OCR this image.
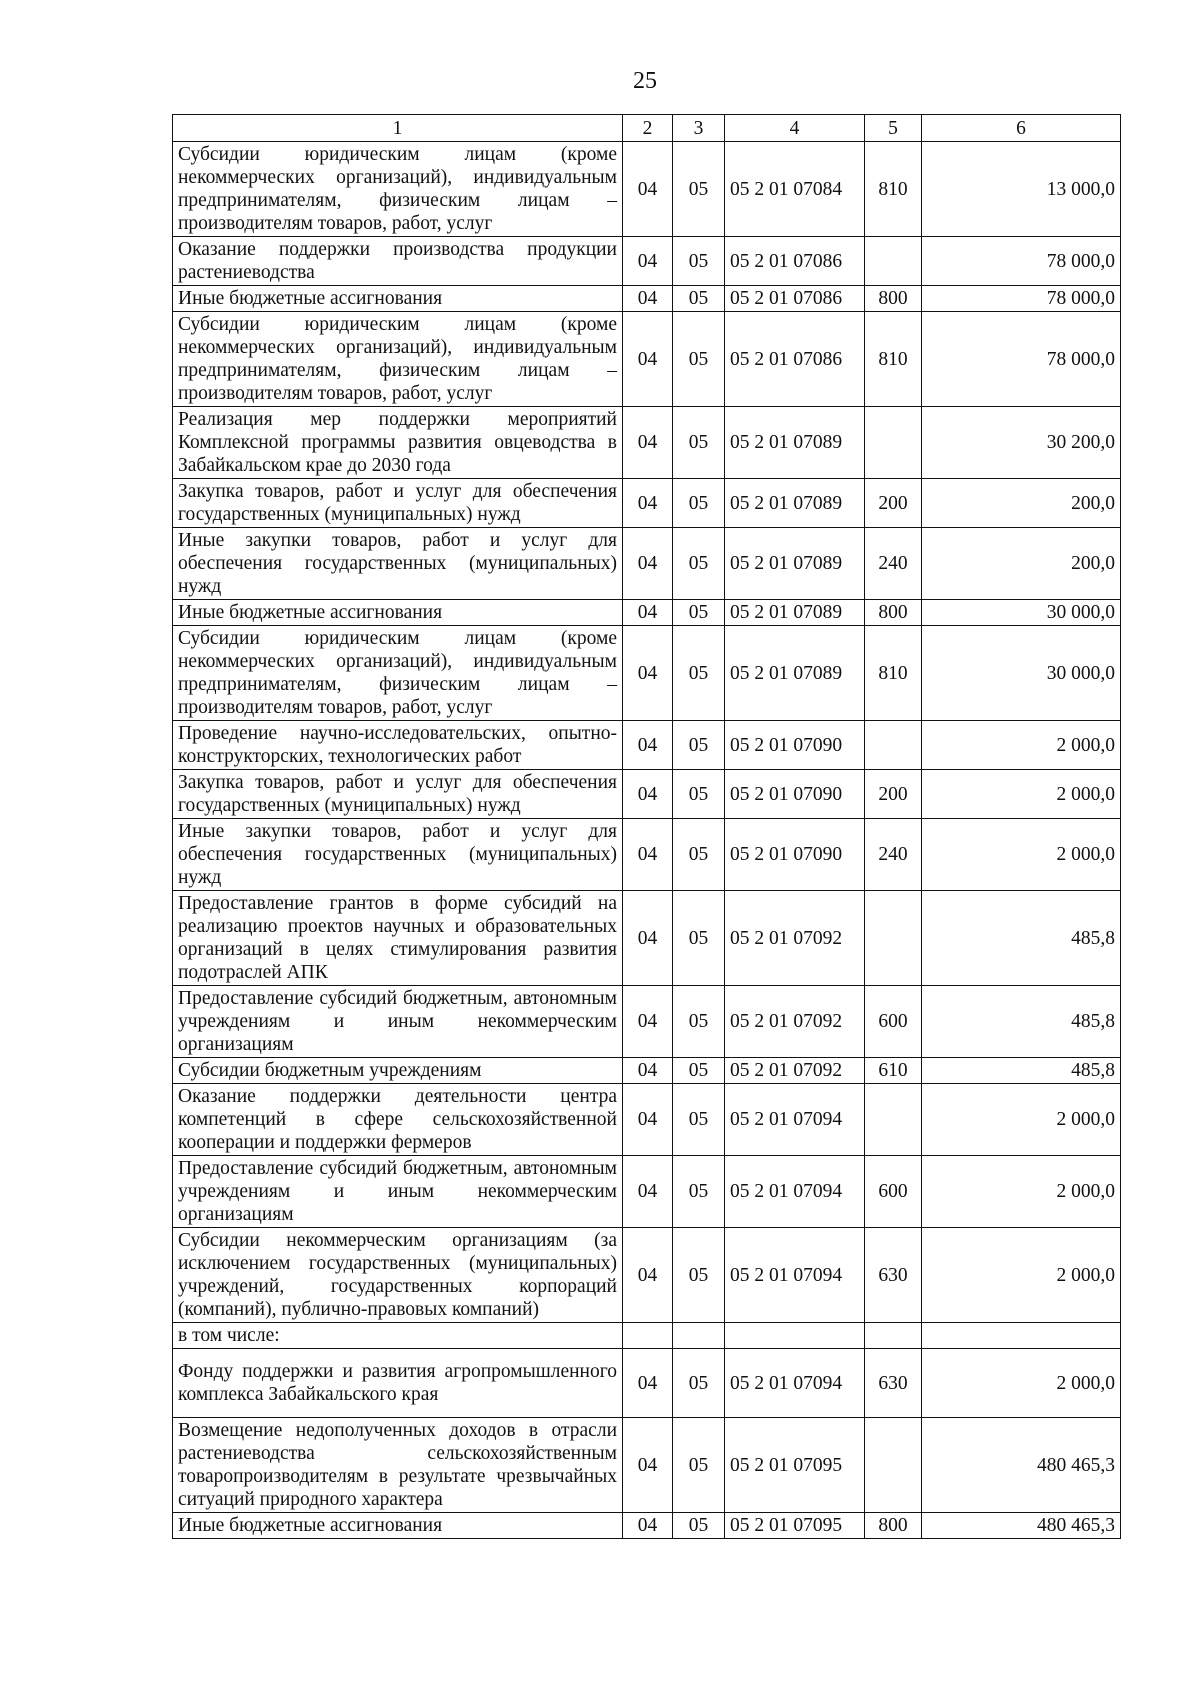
25
1	2	3	4	5	6
Субсидии юридическим лицам (кроме некоммерческих организаций), индивидуальным предпринимателям, физическим лицам – производителям товаров, работ, услуг	04	05	05 2 01 07084	810	13 000,0
Оказание поддержки производства продукции растениеводства	04	05	05 2 01 07086		78 000,0
Иные бюджетные ассигнования	04	05	05 2 01 07086	800	78 000,0
Субсидии юридическим лицам (кроме некоммерческих организаций), индивидуальным предпринимателям, физическим лицам – производителям товаров, работ, услуг	04	05	05 2 01 07086	810	78 000,0
Реализация мер поддержки мероприятий Комплексной программы развития овцеводства в Забайкальском крае до 2030 года	04	05	05 2 01 07089		30 200,0
Закупка товаров, работ и услуг для обеспечения государственных (муниципальных) нужд	04	05	05 2 01 07089	200	200,0
Иные закупки товаров, работ и услуг для обеспечения государственных (муниципальных) нужд	04	05	05 2 01 07089	240	200,0
Иные бюджетные ассигнования	04	05	05 2 01 07089	800	30 000,0
Субсидии юридическим лицам (кроме некоммерческих организаций), индивидуальным предпринимателям, физическим лицам – производителям товаров, работ, услуг	04	05	05 2 01 07089	810	30 000,0
Проведение научно-исследовательских, опытно-конструкторских, технологических работ	04	05	05 2 01 07090		2 000,0
Закупка товаров, работ и услуг для обеспечения государственных (муниципальных) нужд	04	05	05 2 01 07090	200	2 000,0
Иные закупки товаров, работ и услуг для обеспечения государственных (муниципальных) нужд	04	05	05 2 01 07090	240	2 000,0
Предоставление грантов в форме субсидий на реализацию проектов научных и образовательных организаций в целях стимулирования развития подотраслей АПК	04	05	05 2 01 07092		485,8
Предоставление субсидий бюджетным, автономным учреждениям и иным некоммерческим организациям	04	05	05 2 01 07092	600	485,8
Субсидии бюджетным учреждениям	04	05	05 2 01 07092	610	485,8
Оказание поддержки деятельности центра компетенций в сфере сельскохозяйственной кооперации и поддержки фермеров	04	05	05 2 01 07094		2 000,0
Предоставление субсидий бюджетным, автономным учреждениям и иным некоммерческим организациям	04	05	05 2 01 07094	600	2 000,0
Субсидии некоммерческим организациям (за исключением государственных (муниципальных) учреждений, государственных корпораций (компаний), публично-правовых компаний)	04	05	05 2 01 07094	630	2 000,0
в том числе:					
Фонду поддержки и развития агропромышленного комплекса Забайкальского края	04	05	05 2 01 07094	630	2 000,0
Возмещение недополученных доходов в отрасли растениеводства сельскохозяйственным товаропроизводителям в результате чрезвычайных ситуаций природного характера	04	05	05 2 01 07095		480 465,3
Иные бюджетные ассигнования	04	05	05 2 01 07095	800	480 465,3
